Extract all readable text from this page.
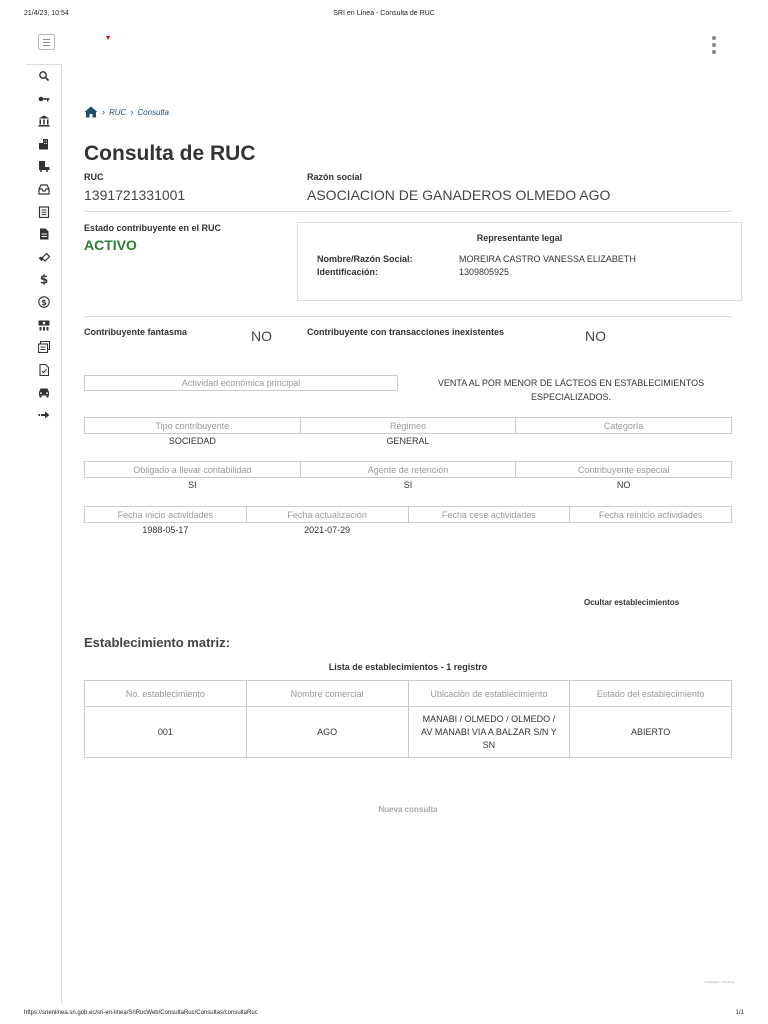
21/4/23, 10:54	SRI en Línea - Consulta de RUC
$
$
› RUC › Consulta
Consulta de RUC
RUC
1391721331001
Razón social
ASOCIACION DE GANADEROS OLMEDO AGO
Estado contribuyente en el RUC
ACTIVO	Representante legal
Nombre/Razón Social:	MOREIRA CASTRO VANESSA ELIZABETH
Identificación:	1309805925
Contribuyente fantasma	NO	Contribuyente con transacciones inexistentes	NO
Actividad económica principal	VENTA AL POR MENOR DE LÁCTEOS EN ESTABLECIMIENTOS ESPECIALIZADOS.
Tipo contribuyente	Régimen	Categoría
SOCIEDAD	GENERAL	
Obligado a llevar contabilidad	Agente de retención	Contribuyente especial
SI	SI	NO
Fecha inicio actividades	Fecha actualización	Fecha cese actividades	Fecha reinicio actividades
1988-05-17	2021-07-29		
Ocultar establecimientos
Establecimiento matriz:
Lista de establecimientos - 1 registro
No. establecimiento	Nombre comercial	Ubicación de establecimiento	Estado del establecimiento
001	AGO	MANABI / OLMEDO / OLMEDO / AV MANABI VIA A BALZAR S/N Y SN	ABIERTO
Nueva consulta
Privacidad · Términos
https://srienlinea.sri.gob.ec/sri-en-linea/SriRucWeb/ConsultaRuc/Consultas/consultaRuc	1/1
